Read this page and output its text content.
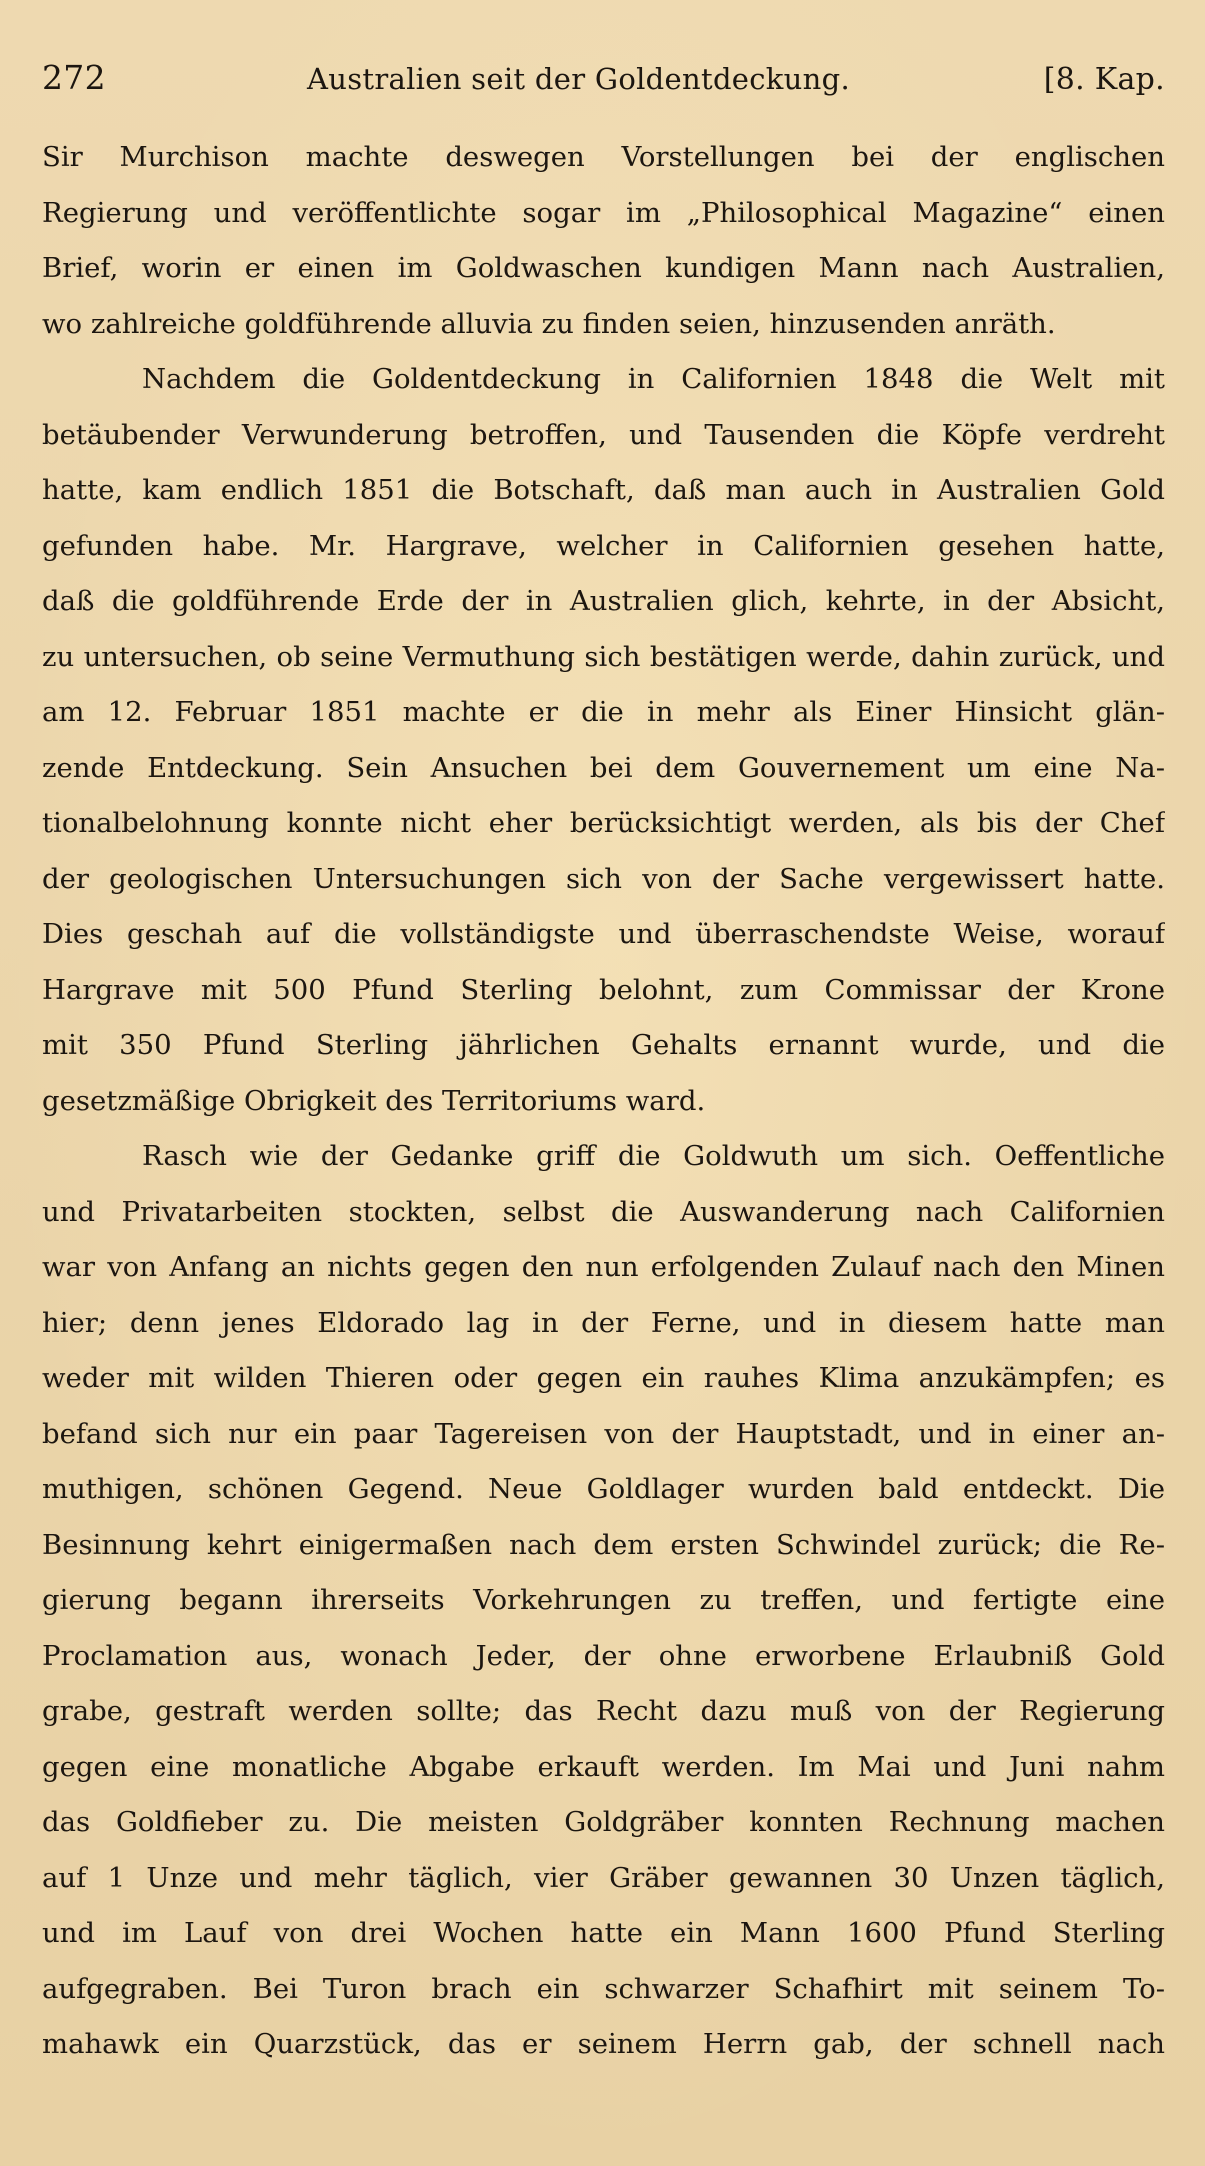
272	Australien seit der Goldentdeckung.	[8. Kap.
Sir Murchison machte deswegen Vorstellungen bei der englischen
Regierung und veröffentlichte sogar im „Philosophical Magazine“ einen
Brief, worin er einen im Goldwaschen kundigen Mann nach Australien,
wo zahlreiche goldführende alluvia zu finden seien, hinzusenden anräth.
Nachdem die Goldentdeckung in Californien 1848 die Welt mit
betäubender Verwunderung betroffen, und Tausenden die Köpfe verdreht
hatte, kam endlich 1851 die Botschaft, daß man auch in Australien Gold
gefunden habe. Mr. Hargrave, welcher in Californien gesehen hatte,
daß die goldführende Erde der in Australien glich, kehrte, in der Absicht,
zu untersuchen, ob seine Vermuthung sich bestätigen werde, dahin zurück, und
am 12. Februar 1851 machte er die in mehr als Einer Hinsicht glän-
zende Entdeckung. Sein Ansuchen bei dem Gouvernement um eine Na-
tionalbelohnung konnte nicht eher berücksichtigt werden, als bis der Chef
der geologischen Untersuchungen sich von der Sache vergewissert hatte.
Dies geschah auf die vollständigste und überraschendste Weise, worauf
Hargrave mit 500 Pfund Sterling belohnt, zum Commissar der Krone
mit 350 Pfund Sterling jährlichen Gehalts ernannt wurde, und die
gesetzmäßige Obrigkeit des Territoriums ward.
Rasch wie der Gedanke griff die Goldwuth um sich. Oeffentliche
und Privatarbeiten stockten, selbst die Auswanderung nach Californien
war von Anfang an nichts gegen den nun erfolgenden Zulauf nach den Minen
hier; denn jenes Eldorado lag in der Ferne, und in diesem hatte man
weder mit wilden Thieren oder gegen ein rauhes Klima anzukämpfen; es
befand sich nur ein paar Tagereisen von der Hauptstadt, und in einer an-
muthigen, schönen Gegend. Neue Goldlager wurden bald entdeckt. Die
Besinnung kehrt einigermaßen nach dem ersten Schwindel zurück; die Re-
gierung begann ihrerseits Vorkehrungen zu treffen, und fertigte eine
Proclamation aus, wonach Jeder, der ohne erworbene Erlaubniß Gold
grabe, gestraft werden sollte; das Recht dazu muß von der Regierung
gegen eine monatliche Abgabe erkauft werden. Im Mai und Juni nahm
das Goldfieber zu. Die meisten Goldgräber konnten Rechnung machen
auf 1 Unze und mehr täglich, vier Gräber gewannen 30 Unzen täglich,
und im Lauf von drei Wochen hatte ein Mann 1600 Pfund Sterling
aufgegraben. Bei Turon brach ein schwarzer Schafhirt mit seinem To-
mahawk ein Quarzstück, das er seinem Herrn gab, der schnell nach
